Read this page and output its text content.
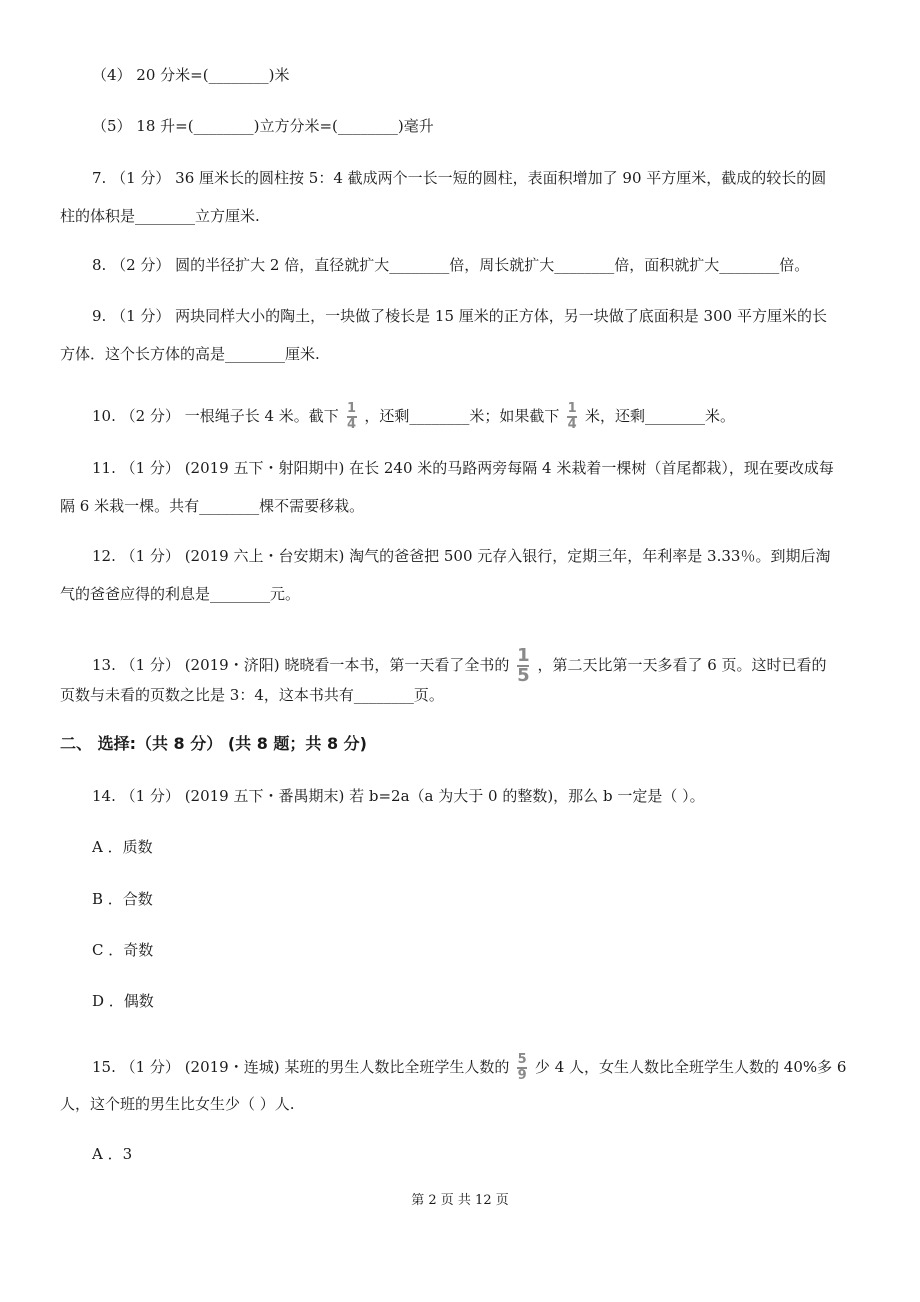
（4） 20 分米=(________)米
（5） 18 升=(________)立方分米=(________)毫升
7. （1 分） 36 厘米长的圆柱按 5：4 截成两个一长一短的圆柱，表面积增加了 90 平方厘米，截成的较长的圆
柱的体积是________立方厘米.
8. （2 分） 圆的半径扩大 2 倍，直径就扩大________倍，周长就扩大________倍，面积就扩大________倍。
9. （1 分） 两块同样大小的陶土，一块做了棱长是 15 厘米的正方体，另一块做了底面积是 300 平方厘米的长
方体．这个长方体的高是________厘米.
10. （2 分） 一根绳子长 4 米。截下 $\frac{1}{4}$ ，还剩________米；如果截下 $\frac{1}{4}$ 米，还剩________米。
11. （1 分） (2019 五下・射阳期中) 在长 240 米的马路两旁每隔 4 米栽着一棵树（首尾都栽），现在要改成每
隔 6 米栽一棵。共有________棵不需要移栽。
12. （1 分） (2019 六上・台安期末) 淘气的爸爸把 500 元存入银行，定期三年，年利率是 3.33％。到期后淘
气的爸爸应得的利息是________元。
13. （1 分） (2019・济阳) 晓晓看一本书，第一天看了全书的 $\frac{1}{5}$ ，第二天比第一天多看了 6 页。这时已看的
页数与未看的页数之比是 3：4，这本书共有________页。
二、 选择:（共 8 分） (共 8 题；共 8 分)
14. （1 分） (2019 五下・番禺期末) 若 b=2a（a 为大于 0 的整数)，那么 b 一定是（ ）。
A ．质数
B ．合数
C ．奇数
D ．偶数
15. （1 分） (2019・连城) 某班的男生人数比全班学生人数的 $\frac{5}{9}$ 少 4 人，女生人数比全班学生人数的 40%多 6
人，这个班的男生比女生少（ ）人.
A ．3
第 2 页 共 12 页
